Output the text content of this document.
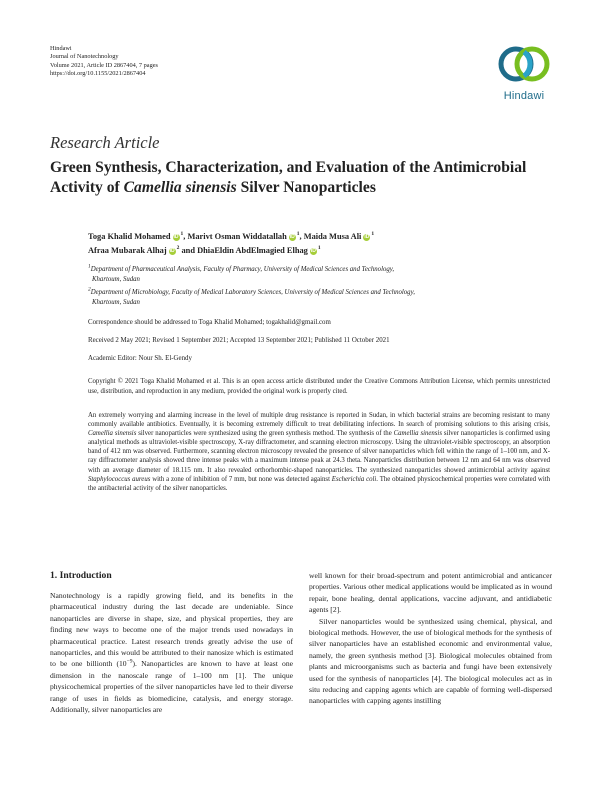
Hindawi
Journal of Nanotechnology
Volume 2021, Article ID 2867404, 7 pages
https://doi.org/10.1155/2021/2867404
Hindawi
Research Article
Green Synthesis, Characterization, and Evaluation of the Antimicrobial Activity of Camellia sinensis Silver Nanoparticles
Toga Khalid Mohamed iD $^1$, Marivt Osman Widdatallah iD $^1$, Maida Musa Ali iD $^1$
Afraa Mubarak Alhaj iD $^2$ and DhiaEldin AbdElmagied Elhag iD $^1$
$^1$Department of Pharmaceutical Analysis, Faculty of Pharmacy, University of Medical Sciences and Technology,
Khartoum, Sudan
$^2$Department of Microbiology, Faculty of Medical Laboratory Sciences, University of Medical Sciences and Technology,
Khartoum, Sudan
Correspondence should be addressed to Toga Khalid Mohamed; togakhalid@gmail.com
Received 2 May 2021; Revised 1 September 2021; Accepted 13 September 2021; Published 11 October 2021
Academic Editor: Nour Sh. El-Gendy
Copyright © 2021 Toga Khalid Mohamed et al. This is an open access article distributed under the Creative Commons Attribution License, which permits unrestricted use, distribution, and reproduction in any medium, provided the original work is properly cited.
An extremely worrying and alarming increase in the level of multiple drug resistance is reported in Sudan, in which bacterial strains are becoming resistant to many commonly available antibiotics. Eventually, it is becoming extremely difficult to treat debilitating infections. In search of promising solutions to this arising crisis, Camellia sinensis silver nanoparticles were synthesized using the green synthesis method. The synthesis of the Camellia sinensis silver nanoparticles is confirmed using analytical methods as ultraviolet-visible spectroscopy, X-ray diffractometer, and scanning electron microscopy. Using the ultraviolet-visible spectroscopy, an absorption band of 412 nm was observed. Furthermore, scanning electron microscopy revealed the presence of silver nanoparticles which fell within the range of 1–100 nm, and X-ray diffractometer analysis showed three intense peaks with a maximum intense peak at 24.3 theta. Nanoparticles distribution between 12 nm and 64 nm was observed with an average diameter of 18.115 nm. It also revealed orthorhombic-shaped nanoparticles. The synthesized nanoparticles showed antimicrobial activity against Staphylococcus aureus with a zone of inhibition of 7 mm, but none was detected against Escherichia coli. The obtained physicochemical properties were correlated with the antibacterial activity of the silver nanoparticles.
1. Introduction

Nanotechnology is a rapidly growing field, and its benefits in the pharmaceutical industry during the last decade are undeniable. Since nanoparticles are diverse in shape, size, and physical properties, they are finding new ways to become one of the major trends used nowadays in pharmaceutical practice. Latest research trends greatly advise the use of nanoparticles, and this would be attributed to their nanosize which is estimated to be one billionth $(10^{-9})$. Nanoparticles are known to have at least one dimension in the nanoscale range of 1–100 nm [1]. The unique physicochemical properties of the silver nanoparticles have led to their diverse range of uses in fields as biomedicine, catalysis, and energy storage. Additionally, silver nanoparticles are

well known for their broad-spectrum and potent antimicrobial and anticancer properties. Various other medical applications would be implicated as in wound repair, bone healing, dental applications, vaccine adjuvant, and antidiabetic agents [2].

Silver nanoparticles would be synthesized using chemical, physical, and biological methods. However, the use of biological methods for the synthesis of silver nanoparticles have an established economic and environmental value, namely, the green synthesis method [3]. Biological molecules obtained from plants and microorganisms such as bacteria and fungi have been extensively used for the synthesis of nanoparticles [4]. The biological molecules act as in situ reducing and capping agents which are capable of forming well-dispersed nanoparticles with capping agents instilling
